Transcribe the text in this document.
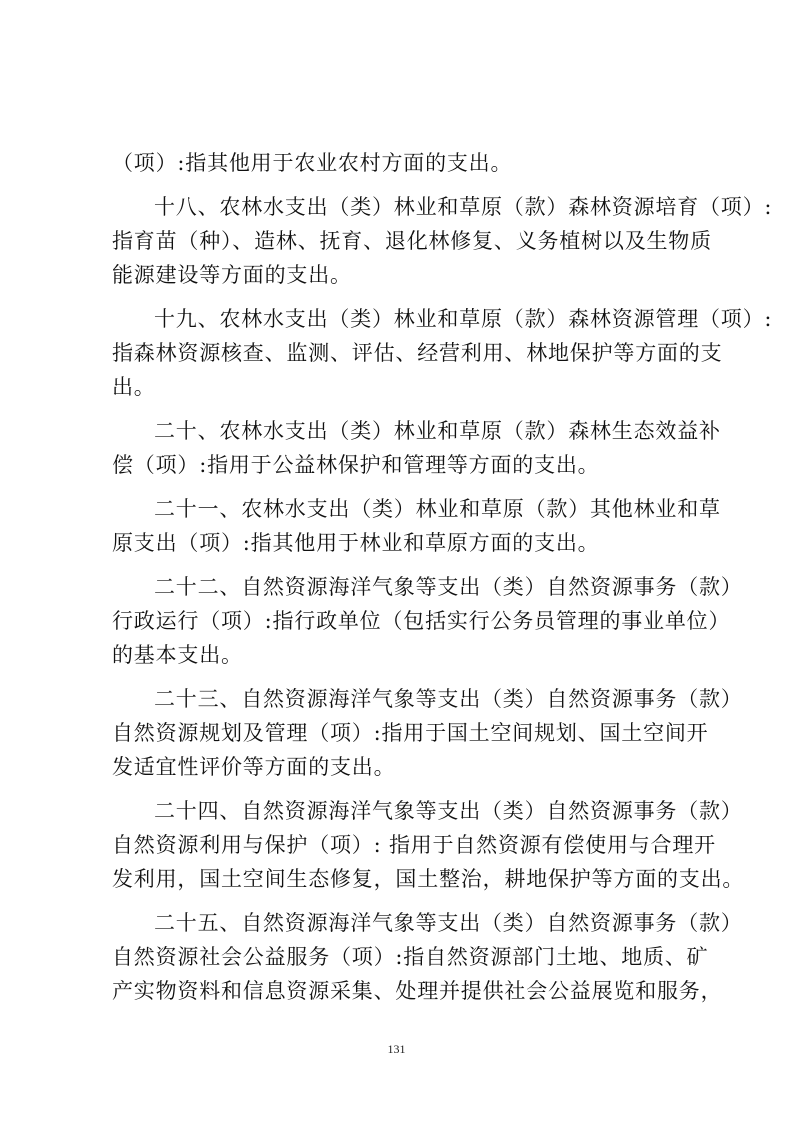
（项）:指其他用于农业农村方面的支出。

十八、农林水支出（类）林业和草原（款）森林资源培育（项）:
指育苗（种）、造林、抚育、退化林修复、义务植树以及生物质
能源建设等方面的支出。

十九、农林水支出（类）林业和草原（款）森林资源管理（项）:
指森林资源核查、监测、评估、经营利用、林地保护等方面的支
出。

二十、农林水支出（类）林业和草原（款）森林生态效益补
偿（项）:指用于公益林保护和管理等方面的支出。

二十一、农林水支出（类）林业和草原（款）其他林业和草
原支出（项）:指其他用于林业和草原方面的支出。

二十二、自然资源海洋气象等支出（类）自然资源事务（款）
行政运行（项）:指行政单位（包括实行公务员管理的事业单位）
的基本支出。

二十三、自然资源海洋气象等支出（类）自然资源事务（款）
自然资源规划及管理（项）:指用于国土空间规划、国土空间开
发适宜性评价等方面的支出。

二十四、自然资源海洋气象等支出（类）自然资源事务（款）
自然资源利用与保护（项）: 指用于自然资源有偿使用与合理开
发利用，国土空间生态修复，国土整治，耕地保护等方面的支出。

二十五、自然资源海洋气象等支出（类）自然资源事务（款）
自然资源社会公益服务（项）:指自然资源部门土地、地质、矿
产实物资料和信息资源采集、处理并提供社会公益展览和服务，

131
